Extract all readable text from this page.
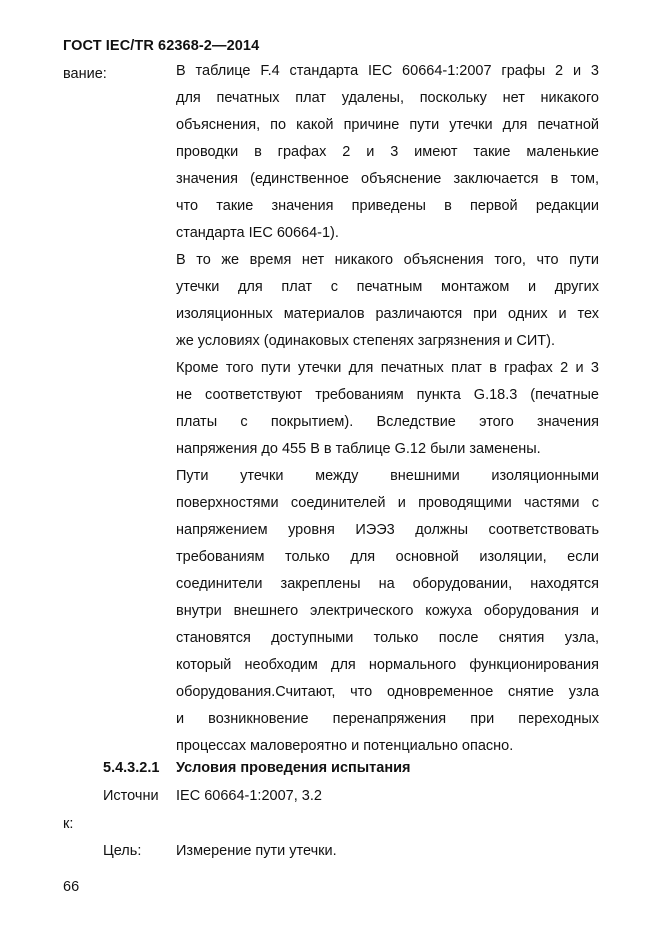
ГОСТ IEC/TR 62368-2—2014
вание:	В таблице F.4 стандарта IEC 60664-1:2007 графы 2 и 3
для печатных плат удалены, поскольку нет никакого
объяснения, по какой причине пути утечки для печатной
проводки в графах 2 и 3 имеют такие маленькие
значения (единственное объяснение заключается в том,
что такие значения приведены в первой редакции
стандарта IEC 60664-1).
В то же время нет никакого объяснения того, что пути
утечки для плат с печатным монтажом и других
изоляционных материалов различаются при одних и тех
же условиях (одинаковых степенях загрязнения и СИТ).
Кроме того пути утечки для печатных плат в графах 2 и 3
не соответствуют требованиям пункта G.18.3 (печатные
платы с покрытием). Вследствие этого значения
напряжения до 455 В в таблице G.12 были заменены.
Пути утечки между внешними изоляционными
поверхностями соединителей и проводящими частями с
напряжением уровня ИЭЭ3 должны соответствовать
требованиям только для основной изоляции, если
соединители закреплены на оборудовании, находятся
внутри внешнего электрического кожуха оборудования и
становятся доступными только после снятия узла,
который необходим для нормального функционирования
оборудования.Считают, что одновременное снятие узла
и возникновение перенапряжения при переходных
процессах маловероятно и потенциально опасно.
5.4.3.2.1 Условия проведения испытания
Источни IEC 60664-1:2007, 3.2
к:
Цель: Измерение пути утечки.
66
